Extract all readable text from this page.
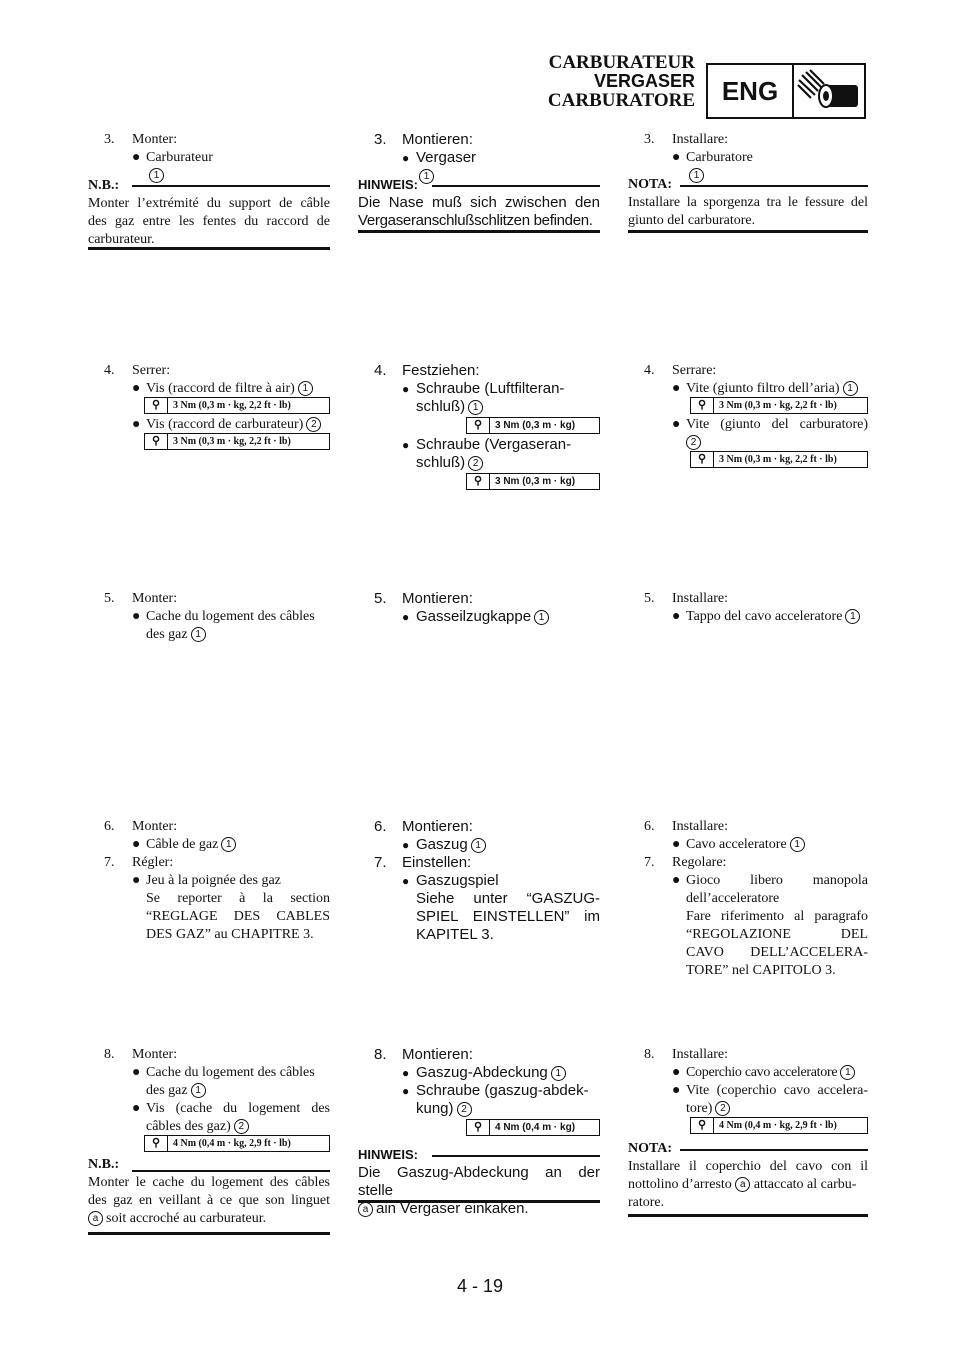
CARBURATEUR
VERGASER
CARBURATORE	ENG
3. Monter:
● Carburateur1
N.B.:
Monter l’extrémité du support de câble
des gaz entre les fentes du raccord de
carburateur.
4. Serrer:
● Vis (raccord de filtre à air) 1
⚲ 3 Nm (0,3 m · kg, 2,2 ft · lb)
● Vis (raccord de carburateur) 2
⚲ 3 Nm (0,3 m · kg, 2,2 ft · lb)
5. Monter:
● Cache du logement des câbles
des gaz 1
6. Monter:
● Câble de gaz 1
7. Régler:
● Jeu à la poignée des gaz
Se reporter à la section
“REGLAGE DES CABLES
DES GAZ” au CHAPITRE 3.
8. Monter:
● Cache du logement des câbles
des gaz 1
● Vis (cache du logement des
câbles des gaz) 2
⚲ 4 Nm (0,4 m · kg, 2,9 ft · lb)
N.B.:
Monter le cache du logement des câbles
des gaz en veillant à ce que son linguet
a soit accroché au carburateur.
3. Montieren:
● Vergaser1
HINWEIS:
Die Nase muß sich zwischen den
Vergaseranschlußschlitzen befinden.
4. Festziehen:
● Schraube (Luftfilteran-
schluß) 1
⚲ 3 Nm (0,3 m · kg)
● Schraube (Vergaseran-
schluß) 2
⚲ 3 Nm (0,3 m · kg)
5. Montieren:
● Gasseilzugkappe 1
6. Montieren:
● Gaszug 1
7. Einstellen:
● Gaszugspiel
Siehe unter “GASZUG-
SPIEL EINSTELLEN” im
KAPITEL 3.
8. Montieren:
● Gaszug-Abdeckung 1
● Schraube (gaszug-abdek-
kung) 2
⚲ 4 Nm (0,4 m · kg)
HINWEIS:
Die Gaszug-Abdeckung an der stelle
a ain Vergaser einkaken.
3. Installare:
● Carburatore1
NOTA:
Installare la sporgenza tra le fessure del
giunto del carburatore.
4. Serrare:
● Vite (giunto filtro dell’aria) 1
⚲ 3 Nm (0,3 m · kg, 2,2 ft · lb)
● Vite (giunto del carburatore)
2
⚲ 3 Nm (0,3 m · kg, 2,2 ft · lb)
5. Installare:
● Tappo del cavo acceleratore 1
6. Installare:
● Cavo acceleratore 1
7. Regolare:
● Gioco libero manopola
dell’acceleratore
Fare riferimento al paragrafo
“REGOLAZIONE DEL
CAVO DELL’ACCELERA-
TORE” nel CAPITOLO 3.
8. Installare:
● Coperchio cavo acceleratore 1
● Vite (coperchio cavo accelera-
tore) 2
⚲ 4 Nm (0,4 m · kg, 2,9 ft · lb)
NOTA:
Installare il coperchio del cavo con il
nottolino d’arresto a attaccato al carbu-
ratore.
4 - 19
